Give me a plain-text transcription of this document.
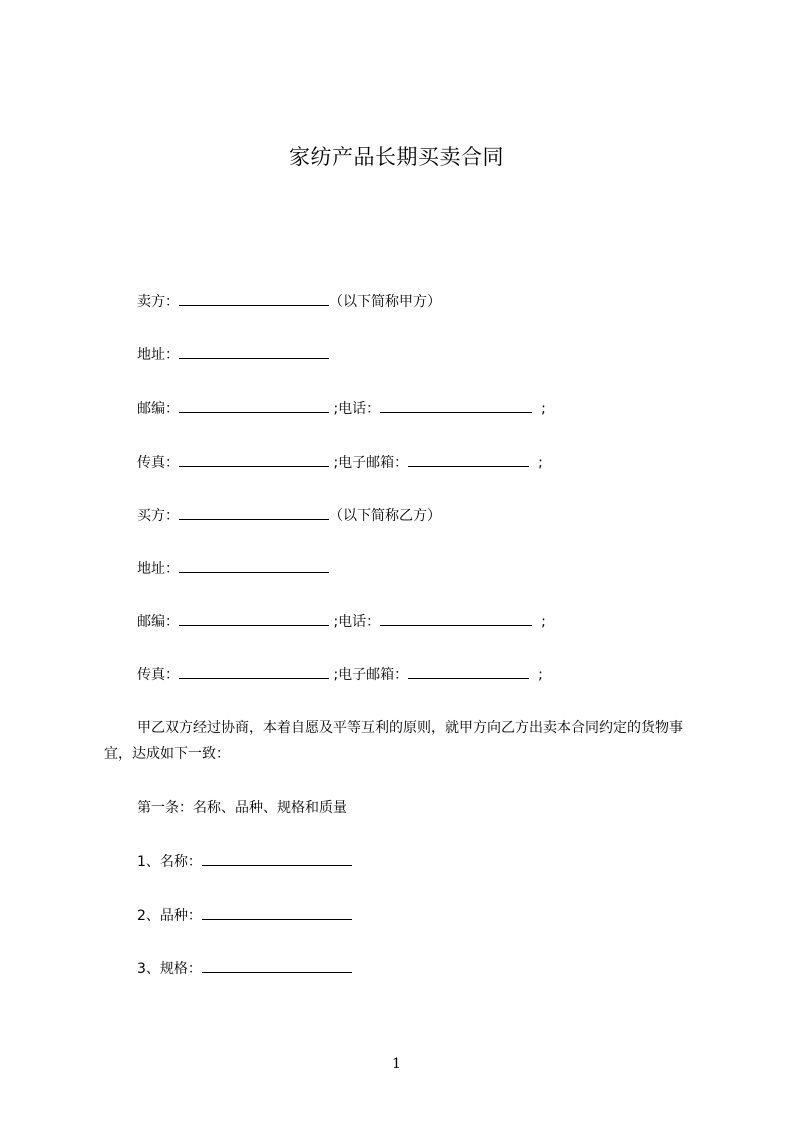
家纺产品长期买卖合同
卖方：	（以下简称甲方）
地址：
邮编：	;电话：	;
传真：	;电子邮箱：	;
买方：	（以下简称乙方）
地址：
邮编：	;电话：	;
传真：	;电子邮箱：	;
甲乙双方经过协商，本着自愿及平等互利的原则，就甲方向乙方出卖本合同约定的货物事宜，达成如下一致：
第一条：名称、品种、规格和质量
1、名称：
2、品种：
3、规格：
1
